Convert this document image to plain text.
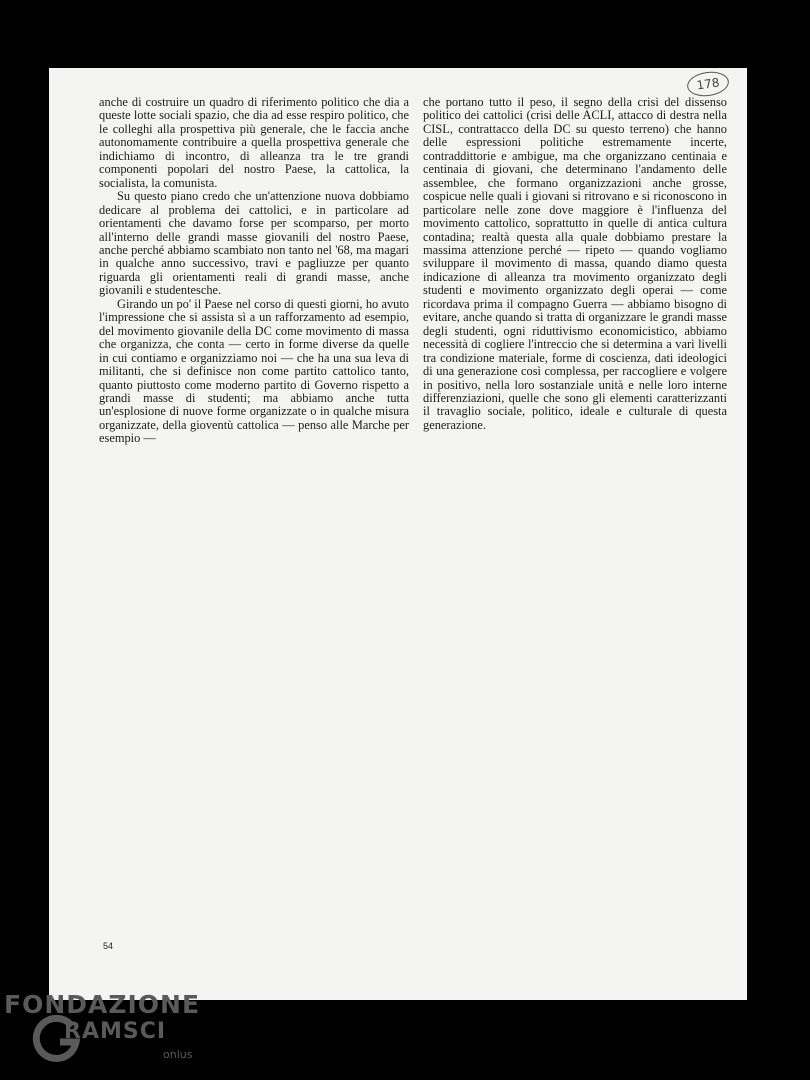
178

anche di costruire un quadro di riferimento politico che dia a queste lotte sociali spazio, che dia ad esse respiro politico, che le colleghi alla prospettiva più generale, che le faccia anche autonomamente contribuire a quella prospettiva generale che indichiamo di incontro, di alleanza tra le tre grandi componenti popolari del nostro Paese, la cattolica, la socialista, la comunista.

Su questo piano credo che un'attenzione nuova dobbiamo dedicare al problema dei cattolici, e in particolare ad orientamenti che davamo forse per scomparso, per morto all'interno delle grandi masse giovanili del nostro Paese, anche perché abbiamo scambiato non tanto nel '68, ma magari in qualche anno successivo, travi e pagliuzze per quanto riguarda gli orientamenti reali di grandi masse, anche giovanili e studentesche.

Girando un po' il Paese nel corso di questi giorni, ho avuto l'impressione che si assista sì a un rafforzamento ad esempio, del movimento giovanile della DC come movimento di massa che organizza, che conta — certo in forme diverse da quelle in cui contiamo e organizziamo noi — che ha una sua leva di militanti, che si definisce non come partito cattolico tanto, quanto piuttosto come moderno partito di Governo rispetto a grandi masse di studenti; ma abbiamo anche tutta un'esplosione di nuove forme organizzate o in qualche misura organizzate, della gioventù cattolica — penso alle Marche per esempio —

che portano tutto il peso, il segno della crisi del dissenso politico dei cattolici (crisi delle ACLI, attacco di destra nella CISL, contrattacco della DC su questo terreno) che hanno delle espressioni politiche estremamente incerte, contraddittorie e ambigue, ma che organizzano centinaia e centinaia di giovani, che determinano l'andamento delle assemblee, che formano organizzazioni anche grosse, cospicue nelle quali i giovani si ritrovano e si riconoscono in particolare nelle zone dove maggiore è l'influenza del movimento cattolico, soprattutto in quelle di antica cultura contadina; realtà questa alla quale dobbiamo prestare la massima attenzione perché — ripeto — quando vogliamo sviluppare il movimento di massa, quando diamo questa indicazione di alleanza tra movimento organizzato degli studenti e movimento organizzato degli operai — come ricordava prima il compagno Guerra — abbiamo bisogno di evitare, anche quando si tratta di organizzare le grandi masse degli studenti, ogni riduttivismo economicistico, abbiamo necessità di cogliere l'intreccio che si determina a vari livelli tra condizione materiale, forme di coscienza, dati ideologici di una generazione così complessa, per raccogliere e volgere in positivo, nella loro sostanziale unità e nelle loro interne differenziazioni, quelle che sono gli elementi caratterizzanti il travaglio sociale, politico, ideale e culturale di questa generazione.

54
FONDAZIONE
RAMSCI
onlus
